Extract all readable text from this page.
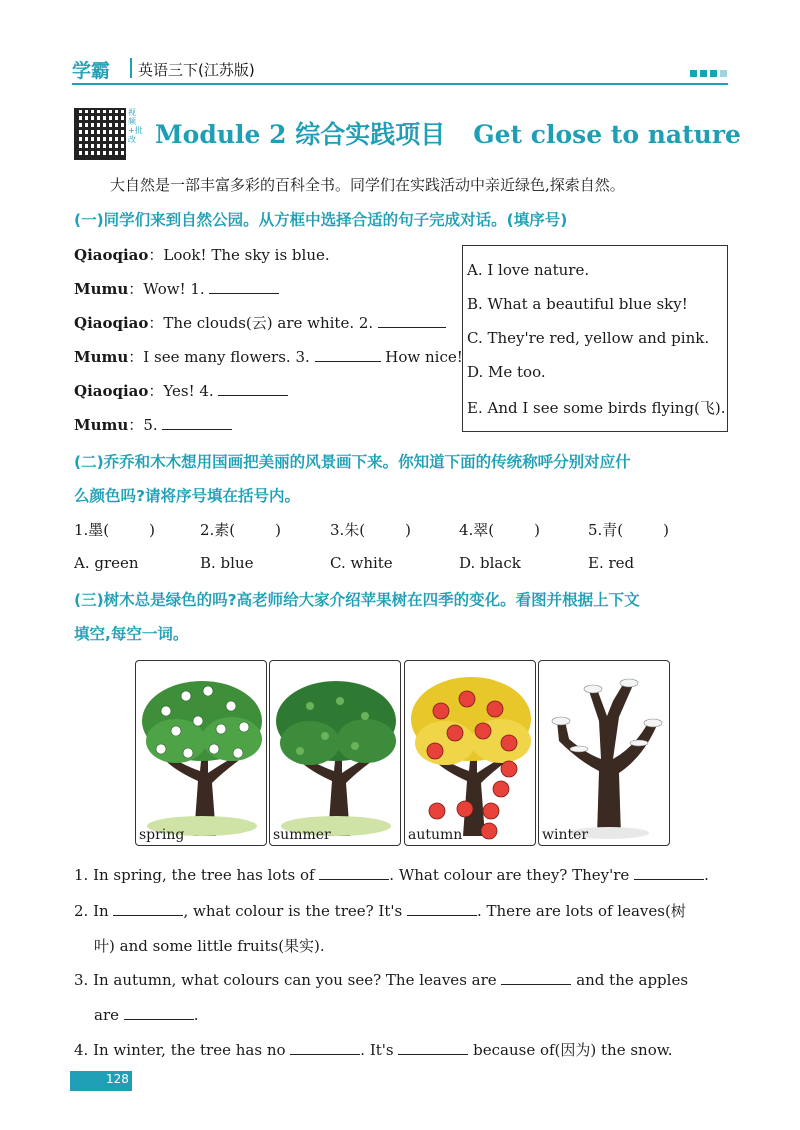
学霸 英语三下(江苏版)
视频+批改 Module 2 综合实践项目 Get close to nature
大自然是一部丰富多彩的百科全书。同学们在实践活动中亲近绿色,探索自然。
(一)同学们来到自然公园。从方框中选择合适的句子完成对话。(填序号)
Qiaoqiao：Look! The sky is blue.
Mumu：Wow! 1.
Qiaoqiao：The clouds(云) are white. 2.
Mumu：I see many flowers. 3.	How nice!
Qiaoqiao：Yes! 4.
Mumu：5.
A. I love nature.
B. What a beautiful blue sky!
C. They're red, yellow and pink.
D. Me too.
E. And I see some birds flying(飞).
(二)乔乔和木木想用国画把美丽的风景画下来。你知道下面的传统称呼分别对应什
么颜色吗?请将序号填在括号内。
1.墨(	)	2.素(	)	3.朱(	)	4.翠(	)	5.青(	)
A. green	B. blue	C. white	D. black	E. red
(三)树木总是绿色的吗?高老师给大家介绍苹果树在四季的变化。看图并根据上下文
填空,每空一词。
spring	summer	autumn	winter
1. In spring, the tree has lots of	. What colour are they? They're	.
2. In	, what colour is the tree? It's	. There are lots of leaves(树
叶) and some little fruits(果实).
3. In autumn, what colours can you see? The leaves are	and the apples
are	.
4. In winter, the tree has no	. It's	because of(因为) the snow.
128
